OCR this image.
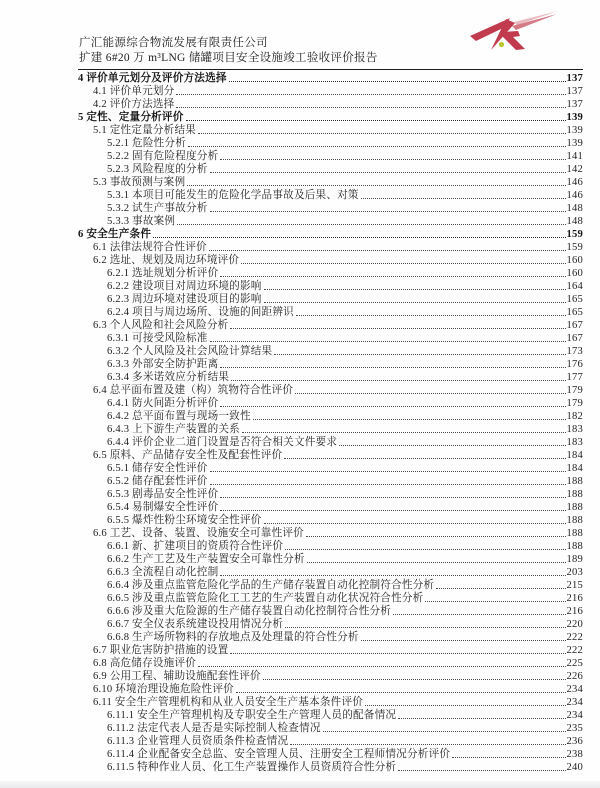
广汇能源综合物流发展有限责任公司
扩建 6#20 万 m³LNG 储罐项目安全设施竣工验收评价报告
4 评价单元划分及评价方法选择	137
4.1 评价单元划分	137
4.2 评价方法选择	137
5 定性、定量分析评价	139
5.1 定性定量分析结果	139
5.2.1 危险性分析	139
5.2.2 固有危险程度分析	141
5.2.3 风险程度的分析	142
5.3 事故预测与案例	146
5.3.1 本项目可能发生的危险化学品事故及后果、对策	146
5.3.2 试生产事故分析	148
5.3.3 事故案例	148
6 安全生产条件	159
6.1 法律法规符合性评价	159
6.2 选址、规划及周边环境评价	160
6.2.1 选址规划分析评价	160
6.2.2 建设项目对周边环境的影响	164
6.2.3 周边环境对建设项目的影响	165
6.2.4 项目与周边场所、设施的间距辨识	165
6.3 个人风险和社会风险分析	167
6.3.1 可接受风险标准	167
6.3.2 个人风险及社会风险计算结果	173
6.3.3 外部安全防护距离	176
6.3.4 多米诺效应分析结果	177
6.4 总平面布置及建（构）筑物符合性评价	179
6.4.1 防火间距分析评价	179
6.4.2 总平面布置与现场一致性	182
6.4.3 上下游生产装置的关系	183
6.4.4 评价企业二道门设置是否符合相关文件要求	183
6.5 原料、产品储存安全性及配套性评价	184
6.5.1 储存安全性评价	184
6.5.2 储存配套性评价	188
6.5.3 剧毒品安全性评价	188
6.5.4 易制爆安全性评价	188
6.5.5 爆炸性粉尘环境安全性评价	188
6.6 工艺、设备、装置、设施安全可靠性评价	188
6.6.1 新、扩建项目的资质符合性评价	188
6.6.2 生产工艺及生产装置安全可靠性分析	189
6.6.3 全流程自动化控制	203
6.6.4 涉及重点监管危险化学品的生产储存装置自动化控制符合性分析	215
6.6.5 涉及重点监管危险化工工艺的生产装置自动化状况符合性分析	216
6.6.6 涉及重大危险源的生产储存装置自动化控制符合性分析	216
6.6.7 安全仪表系统建设投用情况分析	220
6.6.8 生产场所物料的存放地点及处理量的符合性分析	222
6.7 职业危害防护措施的设置	222
6.8 高危储存设施评价	225
6.9 公用工程、辅助设施配套性评价	226
6.10 环境治理设施危险性评价	234
6.11 安全生产管理机构和从业人员安全生产基本条件评价	234
6.11.1 安全生产管理机构及专职安全生产管理人员的配备情况	234
6.11.2 法定代表人是否是实际控制人检查情况	235
6.11.3 企业管理人员资质条件检查情况	236
6.11.4 企业配备安全总监、安全管理人员、注册安全工程师情况分析评价	238
6.11.5 特种作业人员、化工生产装置操作人员资质符合性分析	240
